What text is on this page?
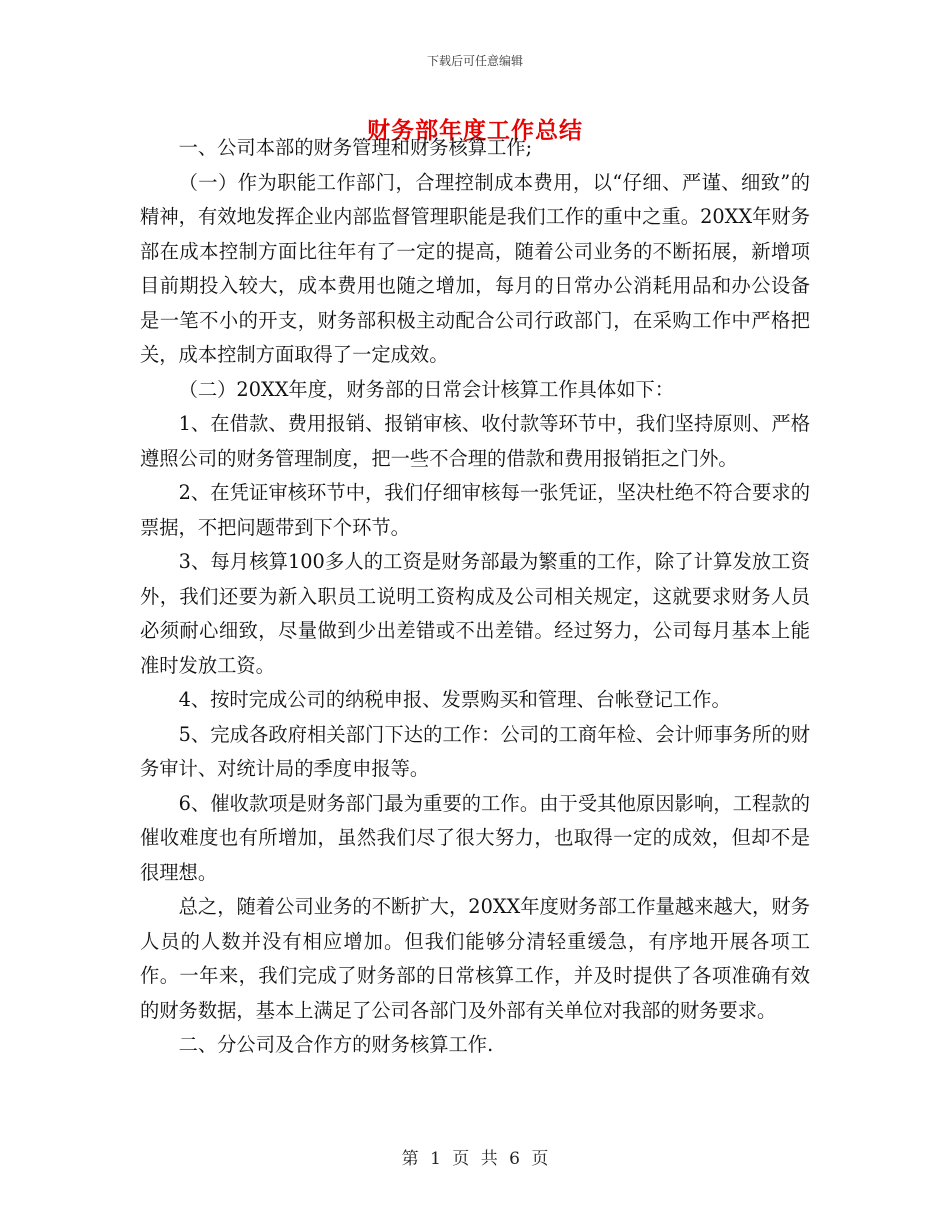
下载后可任意编辑
财务部年度工作总结

一、公司本部的财务管理和财务核算工作;

（一）作为职能工作部门，合理控制成本费用，以“仔细、严谨、细致”的精神，有效地发挥企业内部监督管理职能是我们工作的重中之重。20XX年财务部在成本控制方面比往年有了一定的提高，随着公司业务的不断拓展，新增项目前期投入较大，成本费用也随之增加，每月的日常办公消耗用品和办公设备是一笔不小的开支，财务部积极主动配合公司行政部门，在采购工作中严格把关，成本控制方面取得了一定成效。

（二）20XX年度，财务部的日常会计核算工作具体如下：

1、在借款、费用报销、报销审核、收付款等环节中，我们坚持原则、严格遵照公司的财务管理制度，把一些不合理的借款和费用报销拒之门外。

2、在凭证审核环节中，我们仔细审核每一张凭证，坚决杜绝不符合要求的票据，不把问题带到下个环节。

3、每月核算100多人的工资是财务部最为繁重的工作，除了计算发放工资外，我们还要为新入职员工说明工资构成及公司相关规定，这就要求财务人员必须耐心细致，尽量做到少出差错或不出差错。经过努力，公司每月基本上能准时发放工资。

4、按时完成公司的纳税申报、发票购买和管理、台帐登记工作。

5、完成各政府相关部门下达的工作：公司的工商年检、会计师事务所的财务审计、对统计局的季度申报等。

6、催收款项是财务部门最为重要的工作。由于受其他原因影响，工程款的催收难度也有所增加，虽然我们尽了很大努力，也取得一定的成效，但却不是很理想。

总之，随着公司业务的不断扩大，20XX年度财务部工作量越来越大，财务人员的人数并没有相应增加。但我们能够分清轻重缓急，有序地开展各项工作。一年来，我们完成了财务部的日常核算工作，并及时提供了各项准确有效的财务数据，基本上满足了公司各部门及外部有关单位对我部的财务要求。

二、分公司及合作方的财务核算工作.

第 1 页 共 6 页
